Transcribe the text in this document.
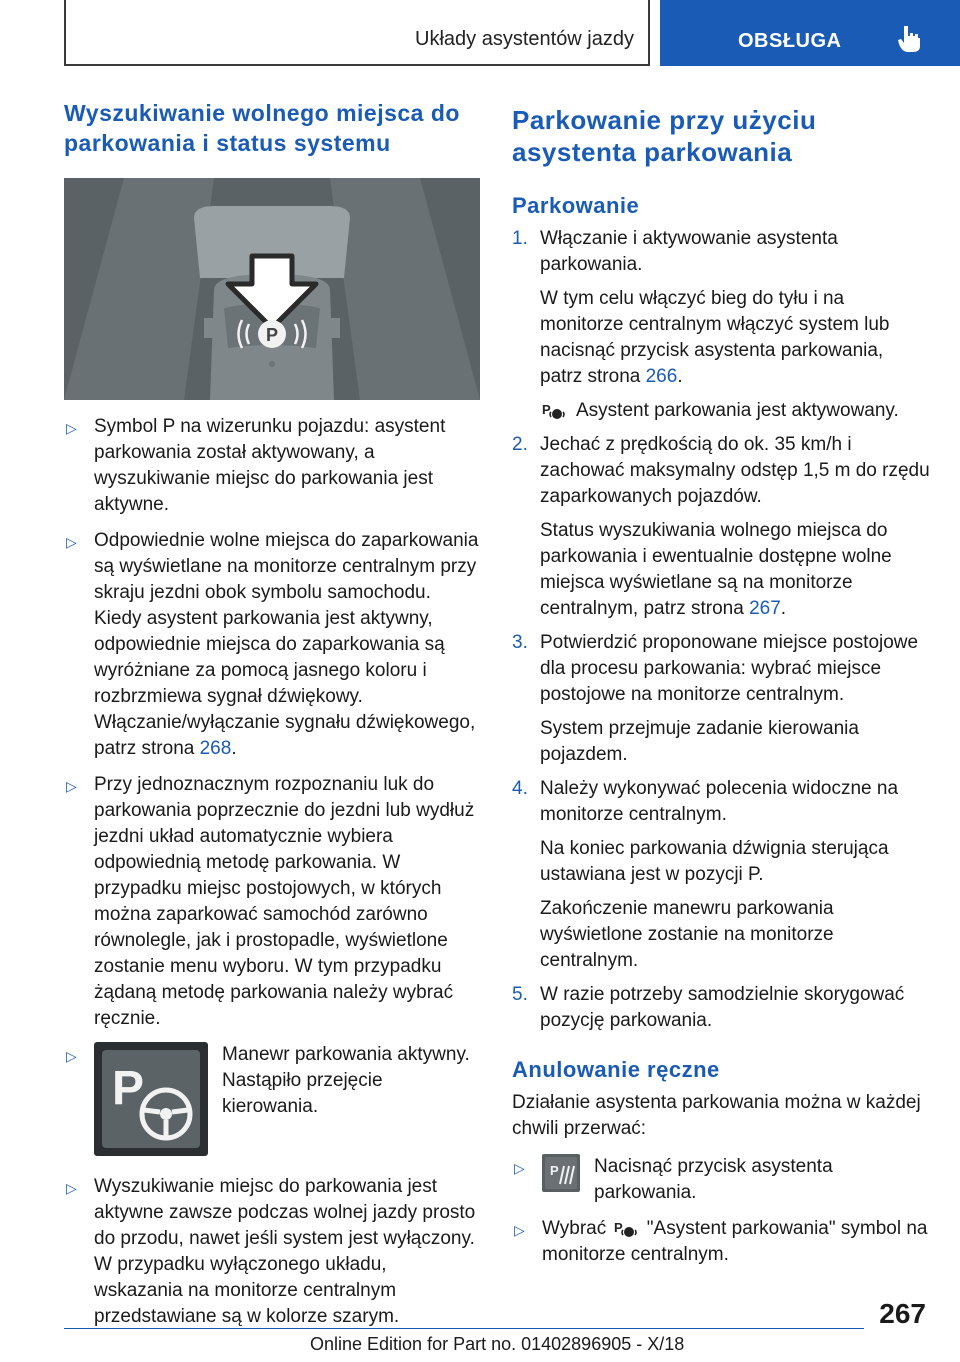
Układy asystentów jazdy	OBSŁUGA
Wyszukiwanie wolnego miejsca do parkowania i status systemu
P
▷ Symbol P na wizerunku pojazdu: asystent parkowania został aktywowany, a wyszukiwanie miejsc do parkowania jest aktywne.
▷ Odpowiednie wolne miejsca do zaparkowania są wyświetlane na monitorze centralnym przy skraju jezdni obok symbolu samochodu. Kiedy asystent parkowania jest aktywny, odpowiednie miejsca do zaparkowania są wyróżniane za pomocą jasnego koloru i rozbrzmiewa sygnał dźwiękowy. Włączanie/wyłączanie sygnału dźwiękowego, patrz strona 268.
▷ Przy jednoznacznym rozpoznaniu luk do parkowania poprzecznie do jezdni lub wydłuż jezdni układ automatycznie wybiera odpowiednią metodę parkowania. W przypadku miejsc postojowych, w których można zaparkować samochód zarówno równolegle, jak i prostopadle, wyświetlone zostanie menu wyboru. W tym przypadku żądaną metodę parkowania należy wybrać ręcznie.
▷
P
Manewr parkowania aktywny.
Nastąpiło przejęcie kierowania.
▷ Wyszukiwanie miejsc do parkowania jest aktywne zawsze podczas wolnej jazdy prosto do przodu, nawet jeśli system jest wyłączony. W przypadku wyłączonego układu, wskazania na monitorze centralnym przedstawiane są w kolorze szarym.
Parkowanie przy użyciu asystenta parkowania
Parkowanie
1. Włączanie i aktywowanie asystenta parkowania.

W tym celu włączyć bieg do tyłu i na monitorze centralnym włączyć system lub nacisnąć przycisk asystenta parkowania, patrz strona 266.

P Asystent parkowania jest aktywowany.

2. Jechać z prędkością do ok. 35 km/h i zachować maksymalny odstęp 1,5 m do rzędu zaparkowanych pojazdów.

Status wyszukiwania wolnego miejsca do parkowania i ewentualnie dostępne wolne miejsca wyświetlane są na monitorze centralnym, patrz strona 267.

3. Potwierdzić proponowane miejsce postojowe dla procesu parkowania: wybrać miejsce postojowe na monitorze centralnym.

System przejmuje zadanie kierowania pojazdem.

4. Należy wykonywać polecenia widoczne na monitorze centralnym.

Na koniec parkowania dźwignia sterująca ustawiana jest w pozycji P.

Zakończenie manewru parkowania wyświetlone zostanie na monitorze centralnym.

5. W razie potrzeby samodzielnie skorygować pozycję parkowania.

Anulowanie ręczne

Działanie asystenta parkowania można w każdej chwili przerwać:

▷ P Nacisnąć przycisk asystenta parkowania.
▷ Wybrać P "Asystent parkowania" symbol na monitorze centralnym.
267
Online Edition for Part no. 01402896905 - X/18
